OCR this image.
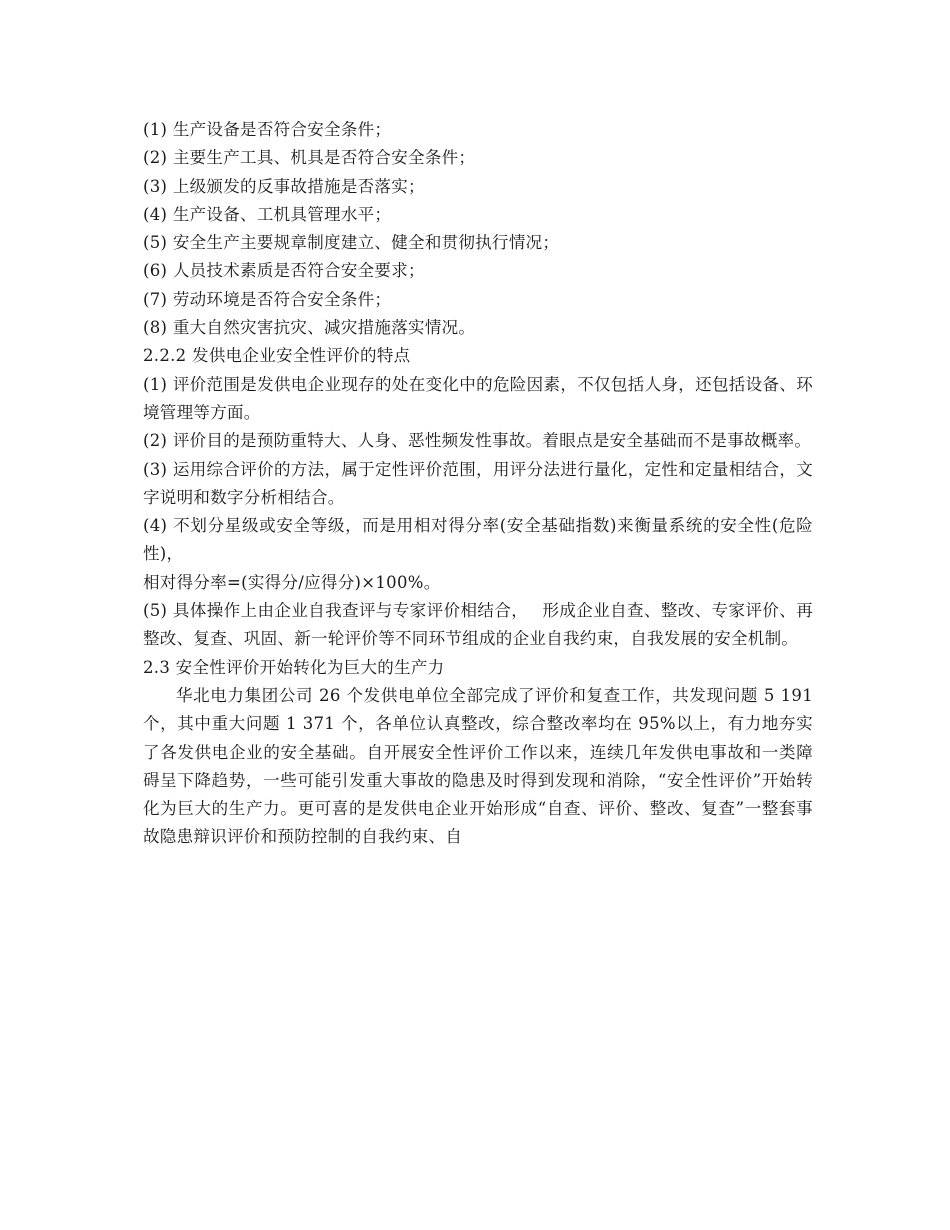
(1) 生产设备是否符合安全条件；

(2) 主要生产工具、机具是否符合安全条件；

(3) 上级颁发的反事故措施是否落实；

(4) 生产设备、工机具管理水平；

(5) 安全生产主要规章制度建立、健全和贯彻执行情况；

(6) 人员技术素质是否符合安全要求；

(7) 劳动环境是否符合安全条件；

(8) 重大自然灾害抗灾、减灾措施落实情况。

2.2.2 发供电企业安全性评价的特点

(1) 评价范围是发供电企业现存的处在变化中的危险因素，不仅包括人身，还包括设备、环境管理等方面。

(2) 评价目的是预防重特大、人身、恶性频发性事故。着眼点是安全基础而不是事故概率。

(3) 运用综合评价的方法，属于定性评价范围，用评分法进行量化，定性和定量相结合，文字说明和数字分析相结合。

(4) 不划分星级或安全等级，而是用相对得分率(安全基础指数)来衡量系统的安全性(危险性)，

相对得分率=(实得分/应得分)×100%。

(5) 具体操作上由企业自我查评与专家评价相结合，　 形成企业自查、整改、专家评价、再整改、复查、巩固、新一轮评价等不同环节组成的企业自我约束，自我发展的安全机制。

2.3 安全性评价开始转化为巨大的生产力

华北电力集团公司 26 个发供电单位全部完成了评价和复查工作，共发现问题 5 191 个，其中重大问题 1 371 个，各单位认真整改，综合整改率均在 95%以上，有力地夯实了各发供电企业的安全基础。自开展安全性评价工作以来，连续几年发供电事故和一类障碍呈下降趋势，一些可能引发重大事故的隐患及时得到发现和消除，“安全性评价”开始转化为巨大的生产力。更可喜的是发供电企业开始形成“自查、评价、整改、复查”一整套事故隐患辩识评价和预防控制的自我约束、自
